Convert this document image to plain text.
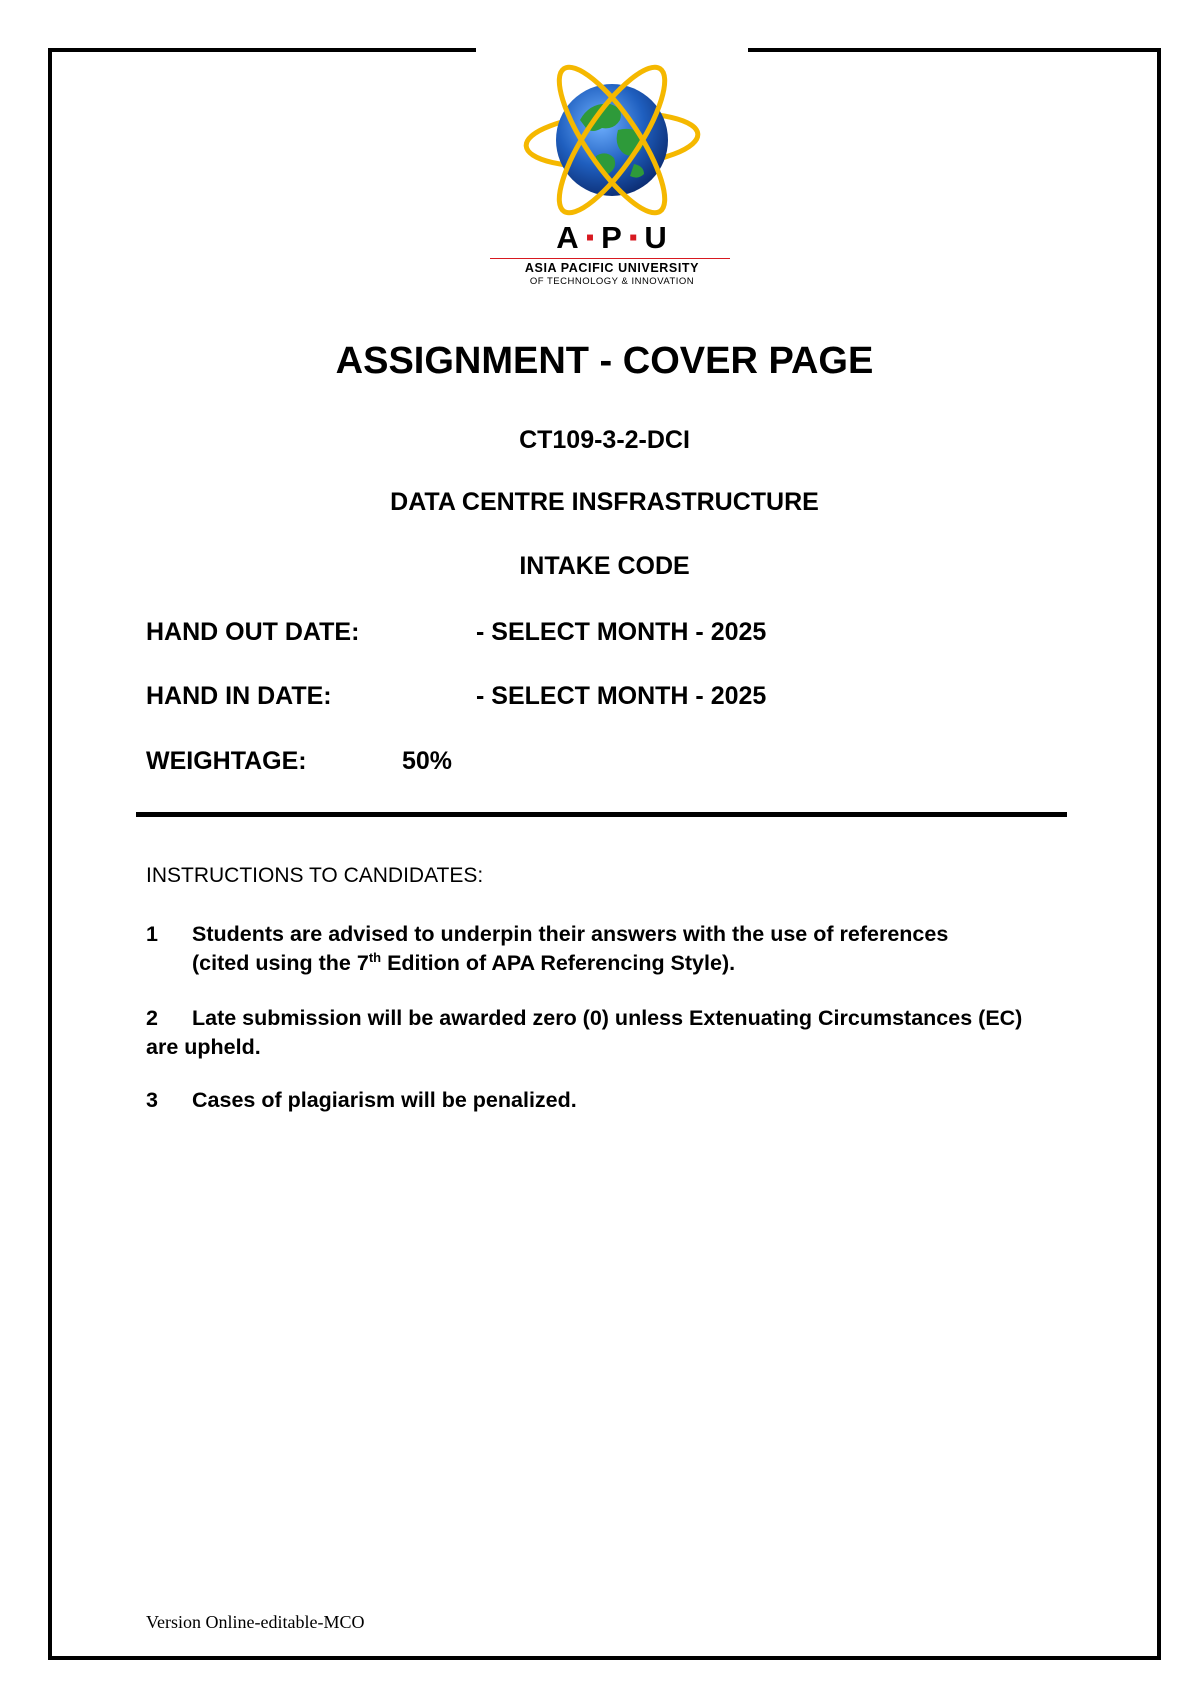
A ▪ P ▪ U
ASIA PACIFIC UNIVERSITY
OF TECHNOLOGY & INNOVATION
ASSIGNMENT - COVER PAGE
CT109-3-2-DCI
DATA CENTRE INSFRASTRUCTURE
INTAKE CODE
HAND OUT DATE:	- SELECT MONTH - 2025
HAND IN DATE:	- SELECT MONTH - 2025
WEIGHTAGE:	50%
INSTRUCTIONS TO CANDIDATES:
1 Students are advised to underpin their answers with the use of references
(cited using the 7th Edition of APA Referencing Style).
2 Late submission will be awarded zero (0) unless Extenuating Circumstances (EC) are upheld.
3 Cases of plagiarism will be penalized.
Version Online-editable-MCO
